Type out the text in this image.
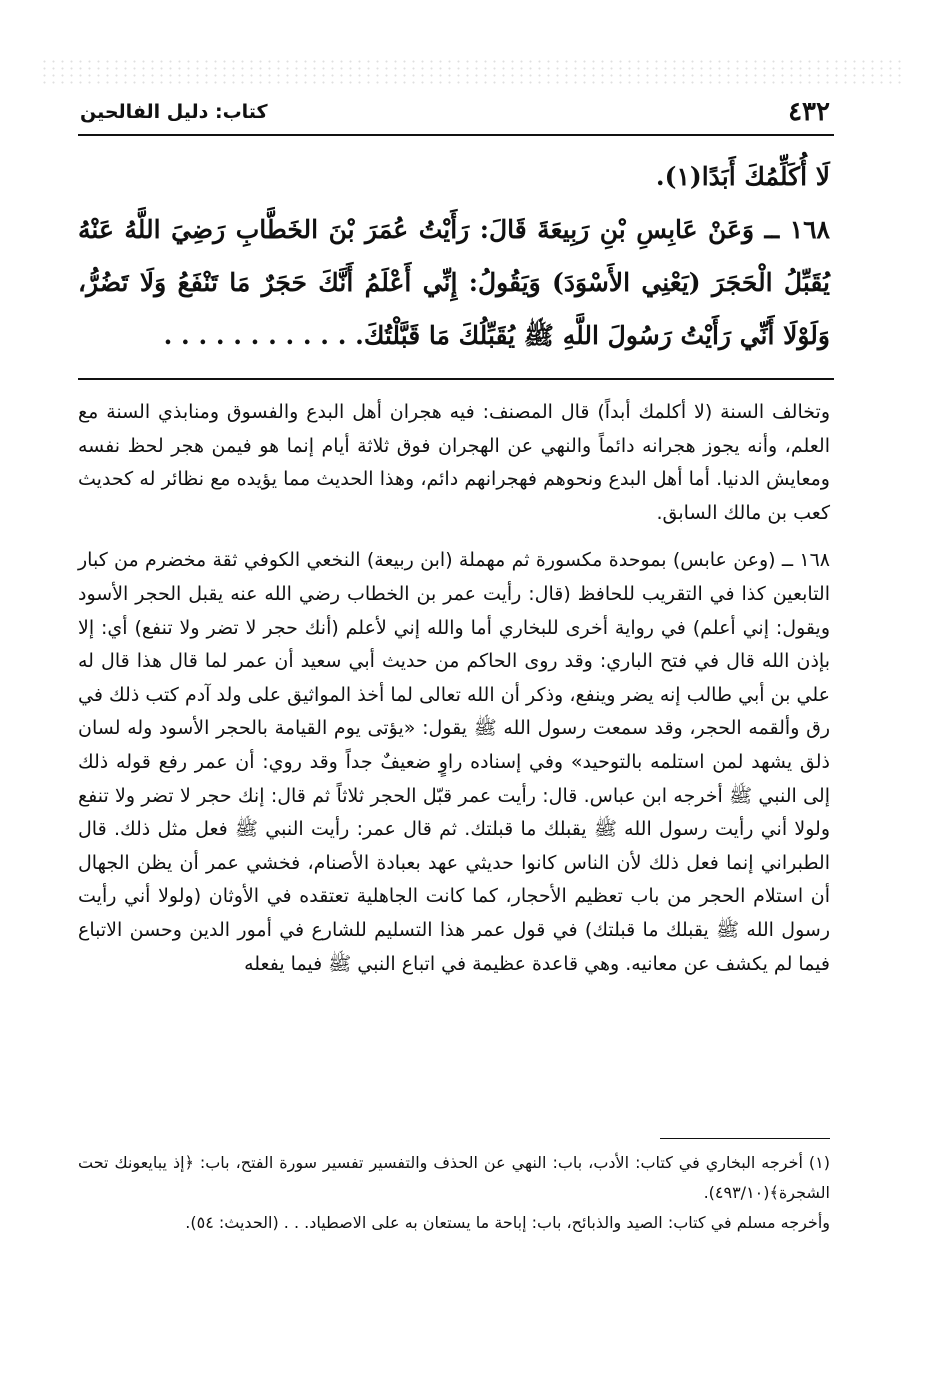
٤٣٢
كتاب: دليل الفالحين

لَا أُكَلِّمُكَ أَبَدًا(١).

١٦٨ ــ وَعَنْ عَابِسِ بْنِ رَبِيعَةَ قَالَ: رَأَيْتُ عُمَرَ بْنَ الخَطَّابِ رَضِيَ اللَّهُ عَنْهُ يُقَبِّلُ الْحَجَرَ (يَعْنِي الأَسْوَدَ) وَيَقُولُ: إِنِّي أَعْلَمُ أَنَّكَ حَجَرٌ مَا تَنْفَعُ وَلَا تَضُرُّ، وَلَوْلَا أَنِّي رَأَيْتُ رَسُولَ اللَّهِ ﷺ يُقَبِّلُكَ مَا قَبَّلْتُكَ. . . . . . . . . . . .

وتخالف السنة (لا أكلمك أبداً) قال المصنف: فيه هجران أهل البدع والفسوق ومنابذي السنة مع العلم، وأنه يجوز هجرانه دائماً والنهي عن الهجران فوق ثلاثة أيام إنما هو فيمن هجر لحظ نفسه ومعايش الدنيا. أما أهل البدع ونحوهم فهجرانهم دائم، وهذا الحديث مما يؤيده مع نظائر له كحديث كعب بن مالك السابق.

١٦٨ ــ (وعن عابس) بموحدة مكسورة ثم مهملة (ابن ربيعة) النخعي الكوفي ثقة مخضرم من كبار التابعين كذا في التقريب للحافظ (قال: رأيت عمر بن الخطاب رضي الله عنه يقبل الحجر الأسود ويقول: إني أعلم) في رواية أخرى للبخاري أما والله إني لأعلم (أنك حجر لا تضر ولا تنفع) أي: إلا بإذن الله قال في فتح الباري: وقد روى الحاكم من حديث أبي سعيد أن عمر لما قال هذا قال له علي بن أبي طالب إنه يضر وينفع، وذكر أن الله تعالى لما أخذ المواثيق على ولد آدم كتب ذلك في رق وألقمه الحجر، وقد سمعت رسول الله ﷺ يقول: «يؤتى يوم القيامة بالحجر الأسود وله لسان ذلق يشهد لمن استلمه بالتوحيد» وفي إسناده راوٍ ضعيفٌ جداً وقد روي: أن عمر رفع قوله ذلك إلى النبي ﷺ أخرجه ابن عباس. قال: رأيت عمر قبّل الحجر ثلاثاً ثم قال: إنك حجر لا تضر ولا تنفع ولولا أني رأيت رسول الله ﷺ يقبلك ما قبلتك. ثم قال عمر: رأيت النبي ﷺ فعل مثل ذلك. قال الطبراني إنما فعل ذلك لأن الناس كانوا حديثي عهد بعبادة الأصنام، فخشي عمر أن يظن الجهال أن استلام الحجر من باب تعظيم الأحجار، كما كانت الجاهلية تعتقده في الأوثان (ولولا أني رأيت رسول الله ﷺ يقبلك ما قبلتك) في قول عمر هذا التسليم للشارع في أمور الدين وحسن الاتباع فيما لم يكشف عن معانيه. وهي قاعدة عظيمة في اتباع النبي ﷺ فيما يفعله

(١) أخرجه البخاري في كتاب: الأدب، باب: النهي عن الحذف والتفسير تفسير سورة الفتح، باب: ﴿إذ يبايعونك تحت الشجرة﴾(٤٩٣/١٠).

وأخرجه مسلم في كتاب: الصيد والذبائح، باب: إباحة ما يستعان به على الاصطياد. . . (الحديث: ٥٤).
